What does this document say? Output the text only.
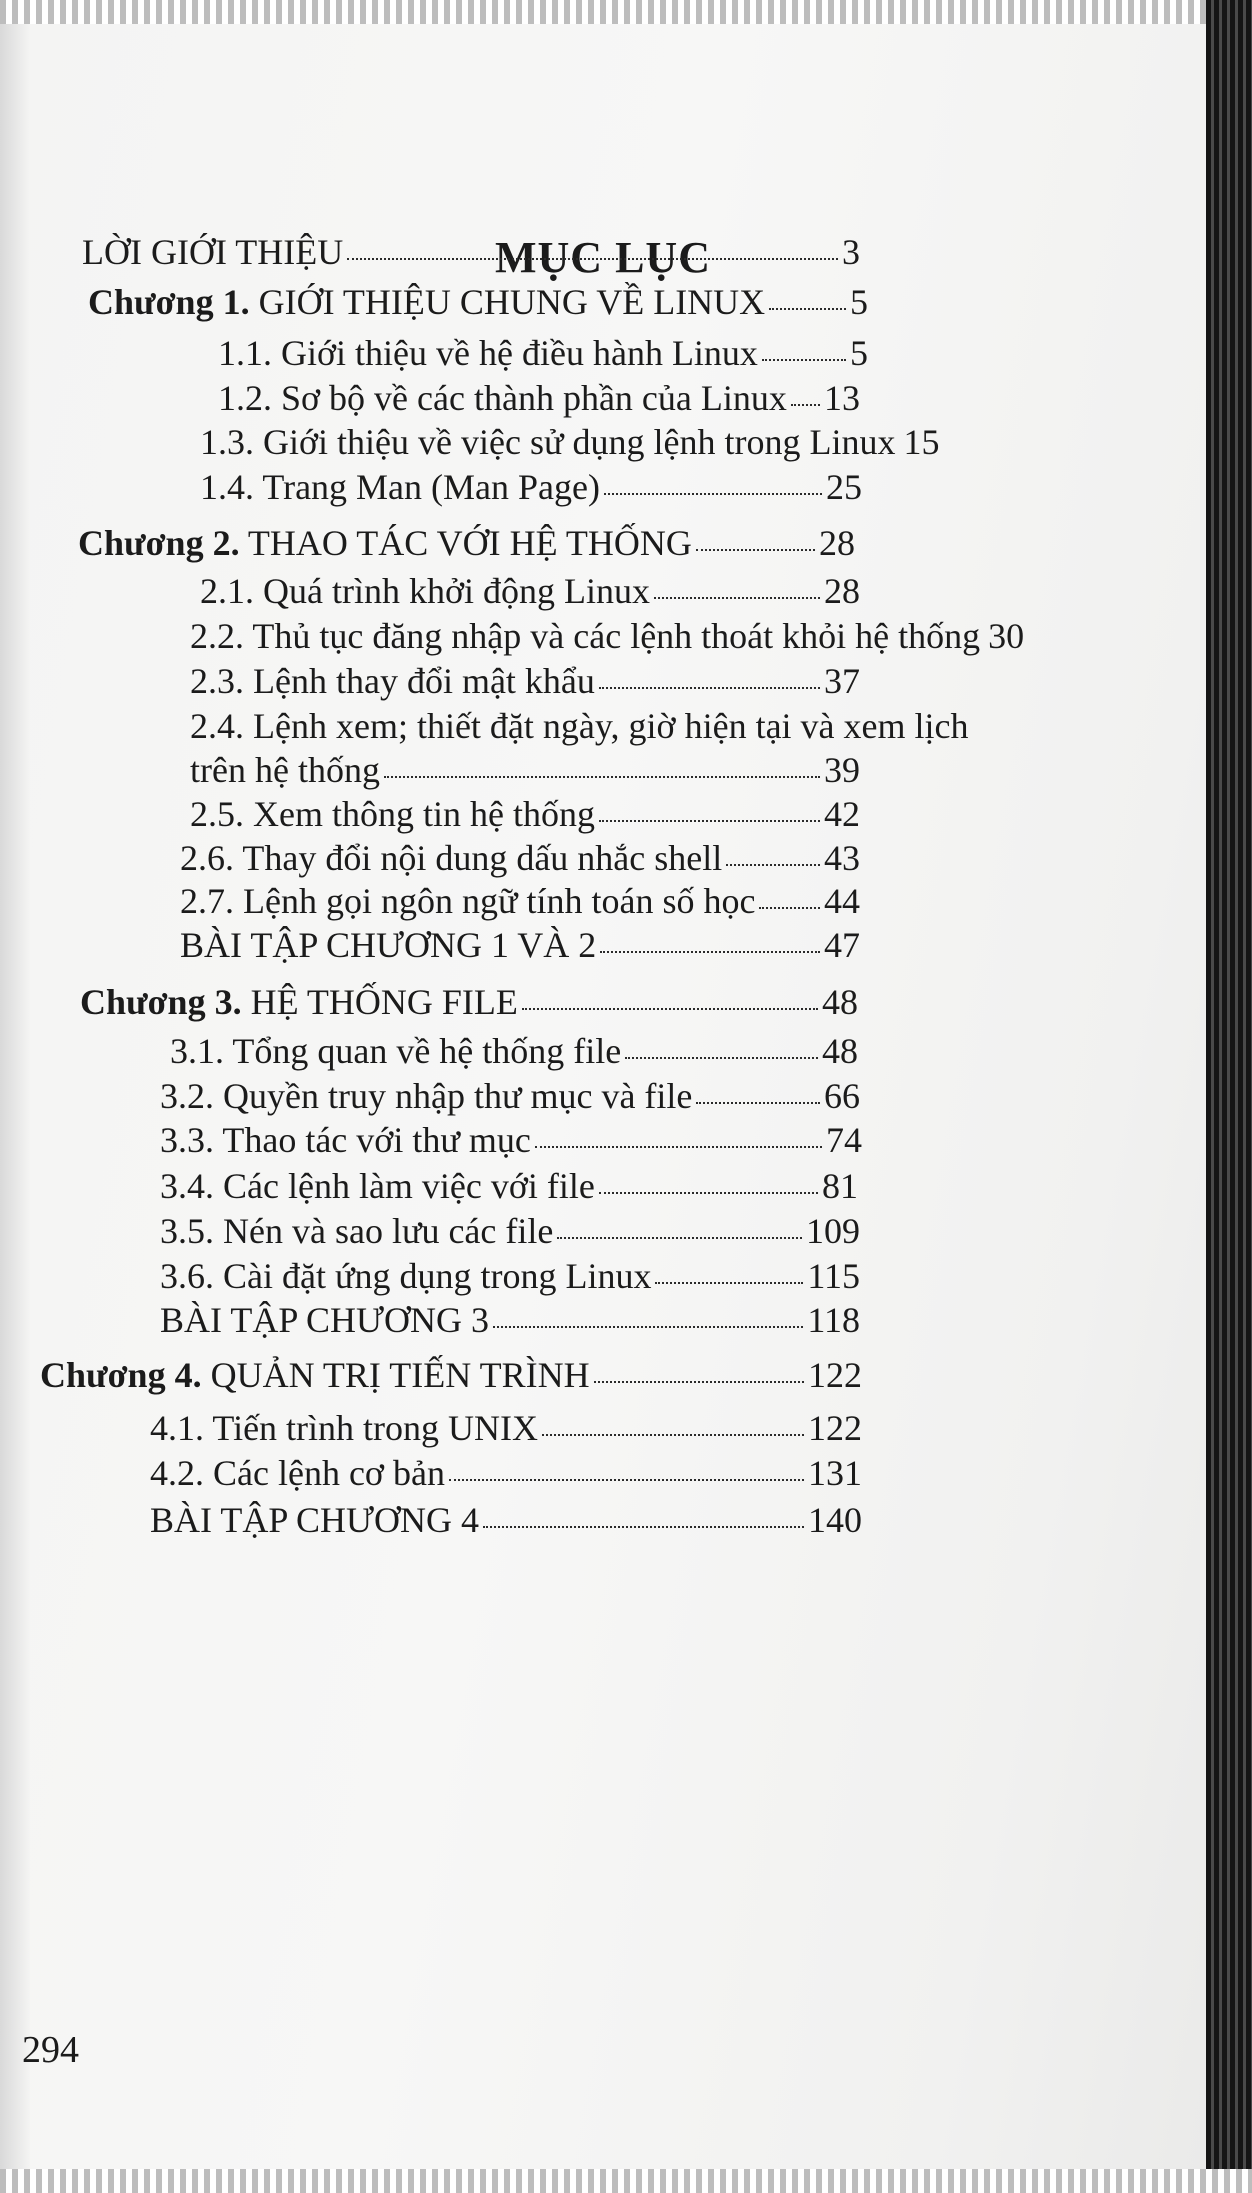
MỤC LỤC
LỜI GIỚI THIỆU	3
Chương 1. GIỚI THIỆU CHUNG VỀ LINUX 5
1.1. Giới thiệu về hệ điều hành Linux	5
1.2. Sơ bộ về các thành phần của Linux 13
1.3. Giới thiệu về việc sử dụng lệnh trong Linux 15
1.4. Trang Man (Man Page)	25
Chương 2. THAO TÁC VỚI HỆ THỐNG	28
2.1. Quá trình khởi động Linux	28
2.2. Thủ tục đăng nhập và các lệnh thoát khỏi hệ thống 30
2.3. Lệnh thay đổi mật khẩu	37
2.4. Lệnh xem; thiết đặt ngày, giờ hiện tại và xem lịch
trên hệ thống	39
2.5. Xem thông tin hệ thống	42
2.6. Thay đổi nội dung dấu nhắc shell	43
2.7. Lệnh gọi ngôn ngữ tính toán số học 44
BÀI TẬP CHƯƠNG 1 VÀ 2	47
Chương 3. HỆ THỐNG FILE	48
3.1. Tổng quan về hệ thống file	48
3.2. Quyền truy nhập thư mục và file	66
3.3. Thao tác với thư mục	74
3.4. Các lệnh làm việc với file	81
3.5. Nén và sao lưu các file	109
3.6. Cài đặt ứng dụng trong Linux	115
BÀI TẬP CHƯƠNG 3	118
Chương 4. QUẢN TRỊ TIẾN TRÌNH	122
4.1. Tiến trình trong UNIX	122
4.2. Các lệnh cơ bản	131
BÀI TẬP CHƯƠNG 4	140
294
